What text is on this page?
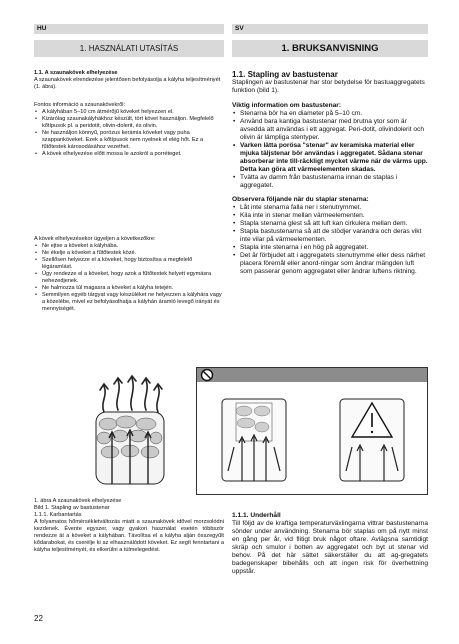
HU	SV
1. HASZNÁLATI UTASÍTÁS	1. BRUKSANVISNING

1.1. A szaunakövek elhelyezése

A szaunakövek elrendezése jelentősen befolyásolja a kályha teljesítményét (1. ábra).

Fontos információ a szaunakövekről:

• A kályhában 5–10 cm átmérőjű köveket helyezzen el.
• Kizárólag szaunakályhákhoz készült, tört követ használjon. Megfelelő kőtípusok pl. a peridotit, olivin-dolerit, és olivin.
• Ne használjon könnyű, porózus kerámia köveket vagy puha szappanköveket. Ezek a kőtípusok nem nyelnek el elég hőt. Ez a fűtőtestek károsodásához vezethet.
• A kövek elhelyezése előtt mossa le azokról a porréteget.

A kövek elhelyezésekor ügyeljen a következőkre:

• Ne ejtse a köveket a kályhába.
• Ne ékelje a köveket a fűtőtestek közé.
• Szellősen helyezze el a köveket, hogy biztosítsa a megfelelő légáramlást.
• Úgy rendezze el a köveket, hogy azok a fűtőtestek helyett egymásra nehezedjenek.
• Ne halmozza túl magasra a köveket a kályha tetején.
• Semmilyen egyéb tárgyat vagy készüléket ne helyezzen a kályhára vagy a közelébe, mivel ez befolyásolhatja a kályhán áramló levegő irányát és mennyiségét.

1.1. Stapling av bastustenar

Staplingen av bastustenar har stor betydelse för bastuaggregatets funktion (bild 1).

Viktig information om bastustenar:

• Stenarna bör ha en diameter på 5–10 cm.
• Använd bara kantiga bastustenar med brutna ytor som är avsedda att användas i ett aggregat. Peri-dotit, olivindolerit och olivin är lämpliga stentyper.
• Varken lätta porösa "stenar" av keramiska material eller mjuka täljstenar bör användas i aggregatet. Sådana stenar absorberar inte till-räckligt mycket värme när de värms upp. Detta kan göra att värmeelementen skadas.
• Tvätta av damm från bastustenarna innan de staplas i aggregatet.

Observera följande när du staplar stenarna:

• Låt inte stenarna falla ner i stenutrymmet.
• Kila inte in stenar mellan värmeelementen.
• Stapla stenarna glest så att luft kan cirkulera mellan dem.
• Stapla bastustenarna så att de stödjer varandra och deras vikt inte vilar på värmeelementen.
• Stapla inte stenarna i en hög på aggregatet.
• Det är förbjudet att i aggregatets stenutrymme eller dess närhet placera föremål eller anord-ningar som ändrar mängden luft som passerar genom aggregatet eller ändrar luftens riktning.
1. ábra A szaunakövek elhelyezése
Bild 1. Stapling av bastustenar

1.1.1. Karbantartás

A folyamatos hőmérsékletváltozás miatt a szaunakövek idővel morzsolódni kezdenek. Évente egyszer, vagy gyakori használat esetén többször rendezze át a köveket a kályhában. Távolítsa el a kályha alján összegyűlt kődarabokat, és cserélje ki az elhasználódott köveket. Ez segít fenntartani a kályha teljesítményét, és elkerülni a túlmelegedést.

1.1.1. Underhåll

Till följd av de kraftiga temperaturväxlingarna vittrar bastustenarna sönder under användning. Stenarna bör staplas om på nytt minst en gång per år, vid flitigt bruk något oftare. Avlägsna samtidigt skräp och smulor i botten av aggregatet och byt ut stenar vid behov. På det här sättet säkerställer du att ag-gregatets badegenskaper bibehålls och att ingen risk för överhettning uppstår.

22
